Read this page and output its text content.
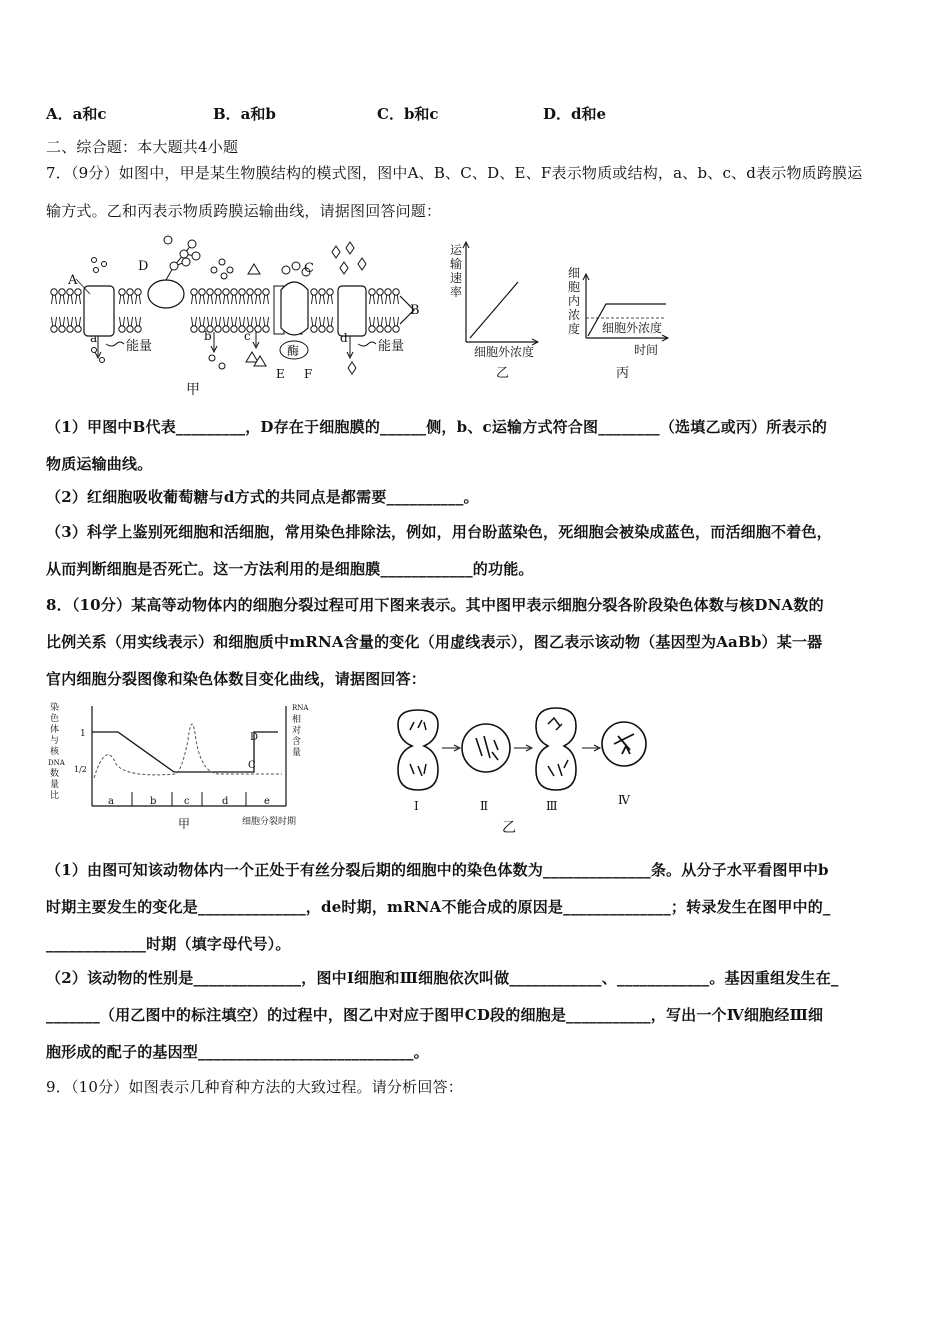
A．a和c	B．a和b	C．b和c	D．d和e
二、综合题：本大题共4小题
7．（9分）如图中，甲是某生物膜结构的模式图，图中A、B、C、D、E、F表示物质或结构，a、b、c、d表示物质跨膜运
输方式。乙和丙表示物质跨膜运输曲线，请据图回答问题：
A
D
酶
B
C
a
能量
b	c
E F
d
能量
甲
运
输
速
率
细胞外浓度
乙
细
胞
内
浓
度 细胞外浓度
时间
丙
（1）甲图中B代表_________，D存在于细胞膜的______侧，b、c运输方式符合图________（选填乙或丙）所表示的
物质运输曲线。
（2）红细胞吸收葡萄糖与d方式的共同点是都需要__________。
（3）科学上鉴别死细胞和活细胞，常用染色排除法，例如，用台盼蓝染色，死细胞会被染成蓝色，而活细胞不着色，
从而判断细胞是否死亡。这一方法利用的是细胞膜____________的功能。
8．（10分）某高等动物体内的细胞分裂过程可用下图来表示。其中图甲表示细胞分裂各阶段染色体数与核DNA数的
比例关系（用实线表示）和细胞质中mRNA含量的变化（用虚线表示），图乙表示该动物（基因型为AaBb）某一器
官内细胞分裂图像和染色体数目变化曲线，请据图回答：
染
色
体
与
核
DNA
数
量
比
1
1/2
D
C
RNA
相
对
含
量
a	b	c	d	e
细胞分裂时期
甲
Ⅰ	Ⅱ	Ⅲ	Ⅳ
乙
（1）由图可知该动物体内一个正处于有丝分裂后期的细胞中的染色体数为______________条。从分子水平看图甲中b
时期主要发生的变化是______________，de时期，mRNA不能合成的原因是______________；转录发生在图甲中的_
_____________时期（填字母代号）。
（2）该动物的性别是______________，图中Ⅰ细胞和Ⅲ细胞依次叫做____________、____________。基因重组发生在_
_______（用乙图中的标注填空）的过程中，图乙中对应于图甲CD段的细胞是___________，写出一个Ⅳ细胞经Ⅲ细
胞形成的配子的基因型____________________________。
9．（10分）如图表示几种育种方法的大致过程。请分析回答：
